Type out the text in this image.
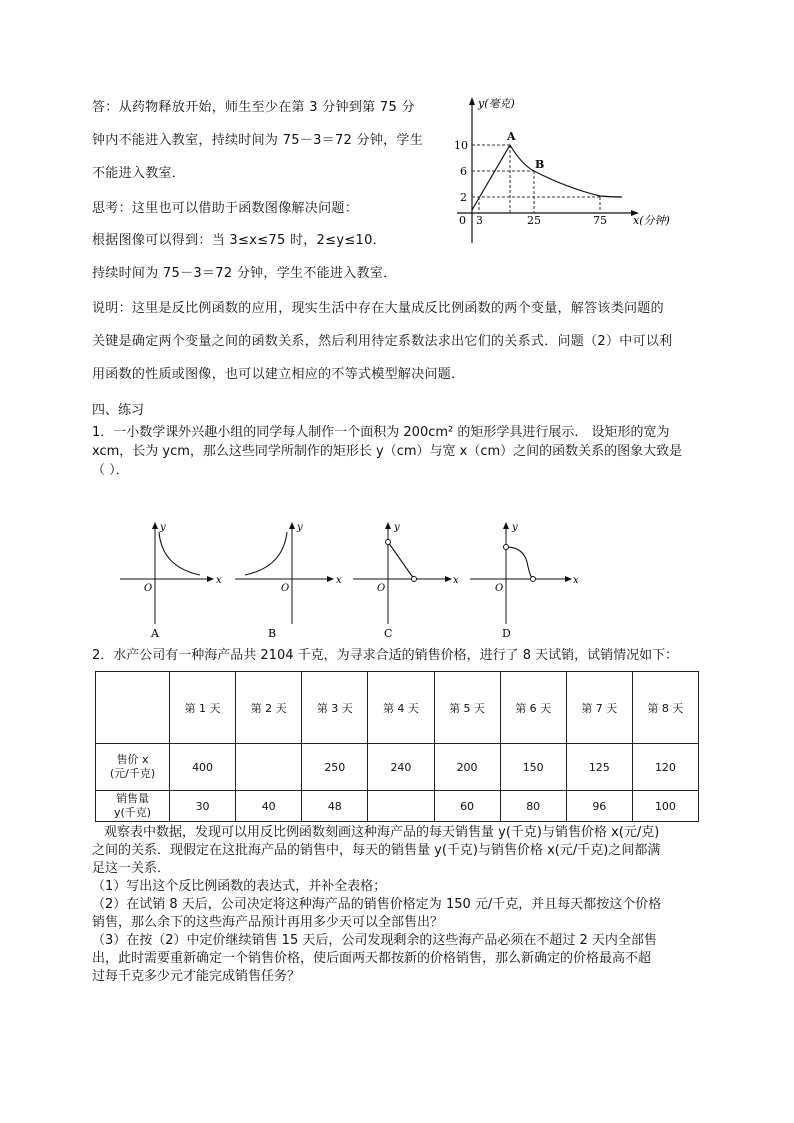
答：从药物释放开始，师生至少在第 3 分钟到第 75 分
钟内不能进入教室，持续时间为 75－3＝72 分钟，学生
不能进入教室．
思考：这里也可以借助于函数图像解决问题：
根据图像可以得到：当 3≤x≤75 时，2≤y≤10．
持续时间为 75－3＝72 分钟，学生不能进入教室．
y(毫克)
x(分钟)
0
10
6
2
3	25	75
A
B
说明：这里是反比例函数的应用，现实生活中存在大量成反比例函数的两个变量，解答该类问题的
关键是确定两个变量之间的函数关系，然后利用待定系数法求出它们的关系式．问题（2）中可以利
用函数的性质或图像，也可以建立相应的不等式模型解决问题．
四、练习
1．一小数学课外兴趣小组的同学每人制作一个面积为 200cm² 的矩形学具进行展示． 设矩形的宽为
xcm，长为 ycm，那么这些同学所制作的矩形长 y（cm）与宽 x（cm）之间的函数关系的图象大致是
（ ）．
y
x
O
A
y
x
O
B
y
x
O
C
y
x
O
D
2．水产公司有一种海产品共 2104 千克，为寻求合适的销售价格，进行了 8 天试销，试销情况如下：
	第 1 天	第 2 天	第 3 天	第 4 天	第 5 天	第 6 天	第 7 天	第 8 天

售价 x
(元/千克)	400		250	240	200	150	125	120

销售量
y(千克)	30	40	48		60	80	96	100
观察表中数据，发现可以用反比例函数刻画这种海产品的每天销售量 y(千克)与销售价格 x(元/克)
之间的关系．现假定在这批海产品的销售中，每天的销售量 y(千克)与销售价格 x(元/千克)之间都满
足这一关系．
（1）写出这个反比例函数的表达式，并补全表格；
（2）在试销 8 天后，公司决定将这种海产品的销售价格定为 150 元/千克，并且每天都按这个价格
销售，那么余下的这些海产品预计再用多少天可以全部售出？
（3）在按（2）中定价继续销售 15 天后，公司发现剩余的这些海产品必须在不超过 2 天内全部售
出，此时需要重新确定一个销售价格，使后面两天都按新的价格销售，那么新确定的价格最高不超
过每千克多少元才能完成销售任务？
